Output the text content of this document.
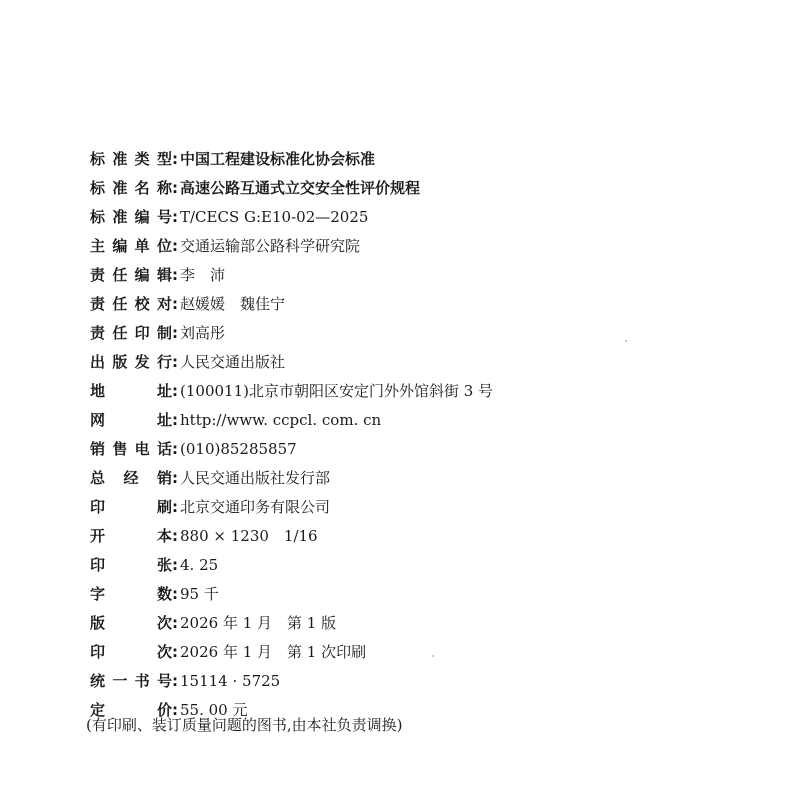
标 准 类 型 : 中国工程建设标准化协会标准
标 准 名 称 : 高速公路互通式立交安全性评价规程
标 准 编 号 : T/CECS G:E10-02—2025
主 编 单 位 : 交通运输部公路科学研究院
责 任 编 辑 : 李　沛
责 任 校 对 : 赵媛媛　魏佳宁
责 任 印 制 : 刘高彤
出 版 发 行 : 人民交通出版社
地	址 : (100011)北京市朝阳区安定门外外馆斜街 3 号
网	址 : http://www. ccpcl. com. cn
销 售 电 话 : (010)85285857
总 经 销 : 人民交通出版社发行部
印	刷 : 北京交通印务有限公司
开	本 : 880 × 1230　1/16
印	张 : 4. 25
字	数 : 95 千
版	次 : 2026 年 1 月　第 1 版
印	次 : 2026 年 1 月　第 1 次印刷
统 一 书 号 : 15114 · 5725
定	价 : 55. 00 元
(有印刷、装订质量问题的图书,由本社负责调换)
